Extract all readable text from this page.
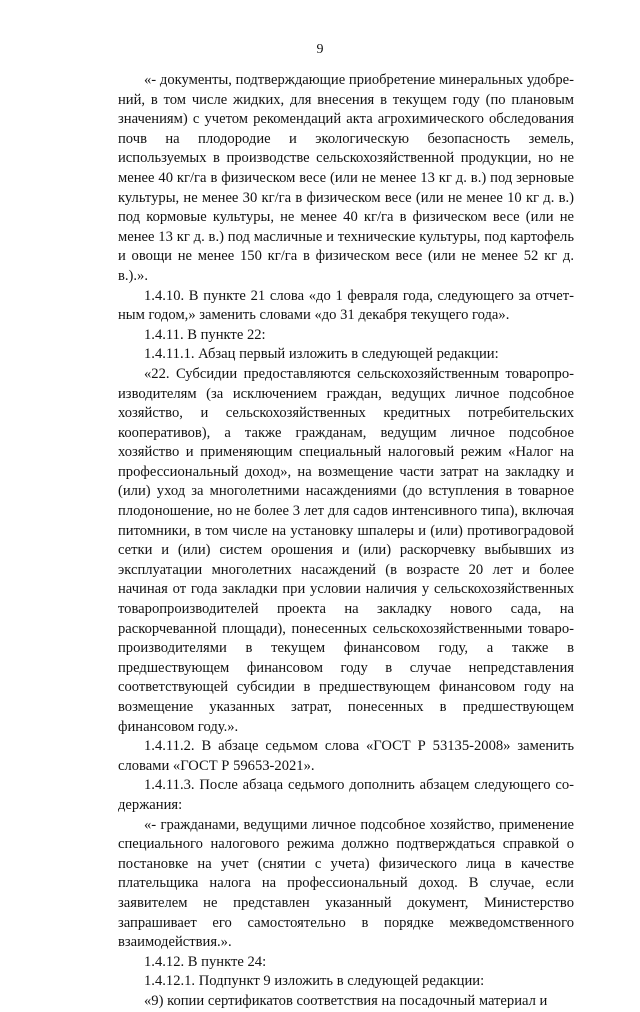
9

«- документы, подтверждающие приобретение минеральных удобрений, в том числе жидких, для внесения в текущем году (по плановым значениям) с учетом рекомендаций акта агрохимического обследования почв на плодородие и экологическую безопасность земель, используемых в производстве сельскохозяйственной продукции, но не менее 40 кг/га в физическом весе (или не менее 13 кг д. в.) под зерновые культуры, не менее 30 кг/га в физическом весе (или не менее 10 кг д. в.) под кормовые культуры, не менее 40 кг/га в физическом весе (или не менее 13 кг д. в.) под масличные и технические культуры, под картофель и овощи не менее 150 кг/га в физическом весе (или не менее 52 кг д. в.).».

1.4.10. В пункте 21 слова «до 1 февраля года, следующего за отчетным годом,» заменить словами «до 31 декабря текущего года».

1.4.11. В пункте 22:

1.4.11.1. Абзац первый изложить в следующей редакции:

«22. Субсидии предоставляются сельскохозяйственным товаропроизводителям (за исключением граждан, ведущих личное подсобное хозяйство, и сельскохозяйственных кредитных потребительских кооперативов), а также гражданам, ведущим личное подсобное хозяйство и применяющим специальный налоговый режим «Налог на профессиональный доход», на возмещение части затрат на закладку и (или) уход за многолетними насаждениями (до вступления в товарное плодоношение, но не более 3 лет для садов интенсивного типа), включая питомники, в том числе на установку шпалеры и (или) противоградовой сетки и (или) систем орошения и (или) раскорчевку выбывших из эксплуатации многолетних насаждений (в возрасте 20 лет и более начиная от года закладки при условии наличия у сельскохозяйственных товаропроизводителей проекта на закладку нового сада, на раскорчеванной площади), понесенных сельскохозяйственными товаропроизводителями в текущем финансовом году, а также в предшествующем финансовом году в случае непредставления соответствующей субсидии в предшествующем финансовом году на возмещение указанных затрат, понесенных в предшествующем финансовом году.».

1.4.11.2. В абзаце седьмом слова «ГОСТ Р 53135-2008» заменить словами «ГОСТ Р 59653-2021».

1.4.11.3. После абзаца седьмого дополнить абзацем следующего содержания:

«- гражданами, ведущими личное подсобное хозяйство, применение специального налогового режима должно подтверждаться справкой о постановке на учет (снятии с учета) физического лица в качестве плательщика налога на профессиональный доход. В случае, если заявителем не представлен указанный документ, Министерство запрашивает его самостоятельно в порядке межведомственного взаимодействия.».

1.4.12. В пункте 24:

1.4.12.1. Подпункт 9 изложить в следующей редакции:

«9) копии сертификатов соответствия на посадочный материал и
